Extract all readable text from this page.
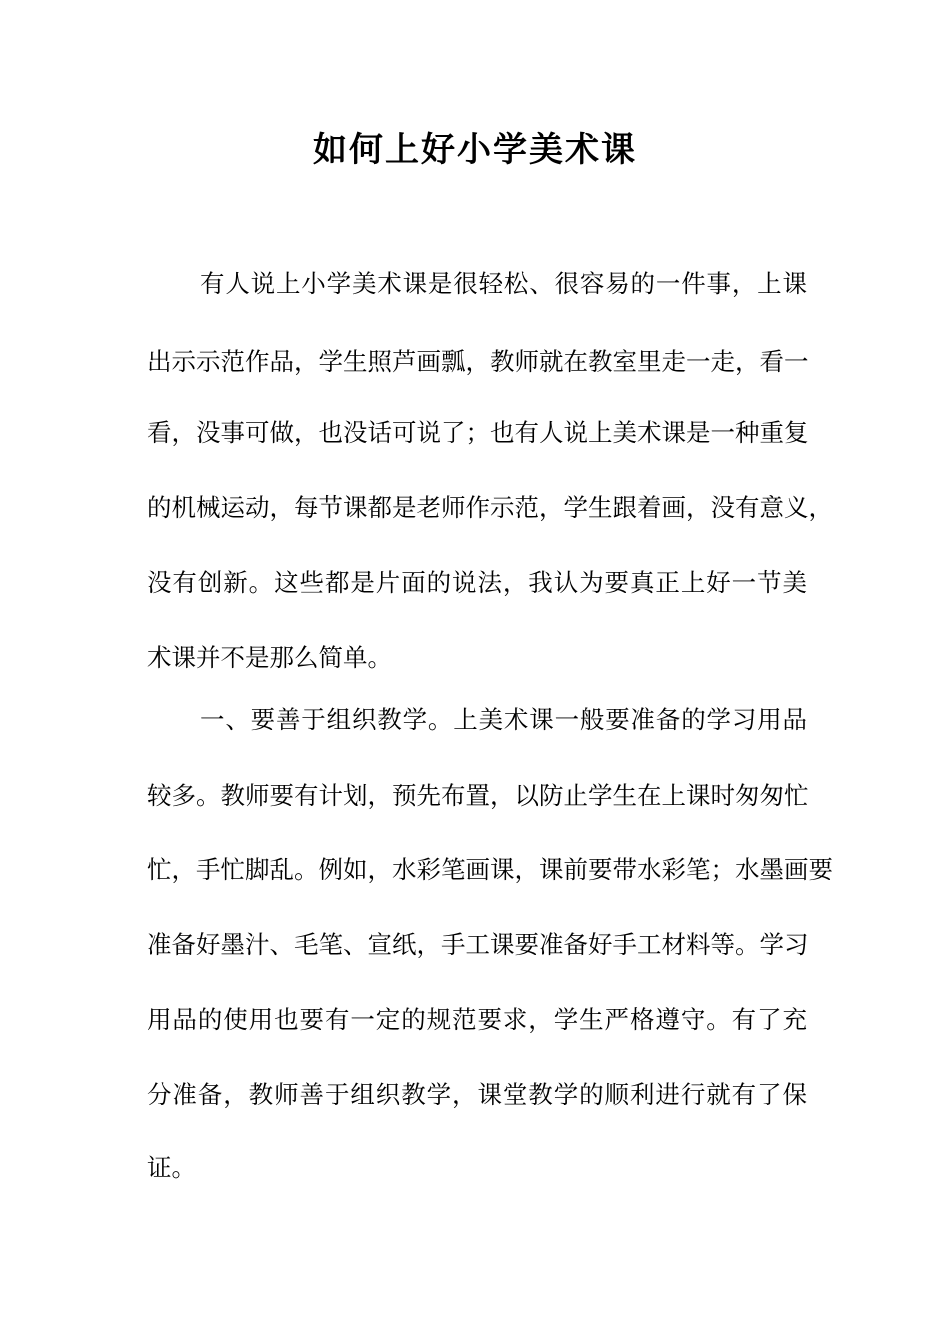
如何上好小学美术课
有人说上小学美术课是很轻松、很容易的一件事，上课
出示示范作品，学生照芦画瓢，教师就在教室里走一走，看一
看，没事可做，也没话可说了；也有人说上美术课是一种重复
的机械运动，每节课都是老师作示范，学生跟着画，没有意义，
没有创新。这些都是片面的说法，我认为要真正上好一节美
术课并不是那么简单。
一、要善于组织教学。上美术课一般要准备的学习用品
较多。教师要有计划，预先布置，以防止学生在上课时匆匆忙
忙，手忙脚乱。例如，水彩笔画课，课前要带水彩笔；水墨画要
准备好墨汁、毛笔、宣纸，手工课要准备好手工材料等。学习
用品的使用也要有一定的规范要求，学生严格遵守。有了充
分准备，教师善于组织教学，课堂教学的顺利进行就有了保
证。
